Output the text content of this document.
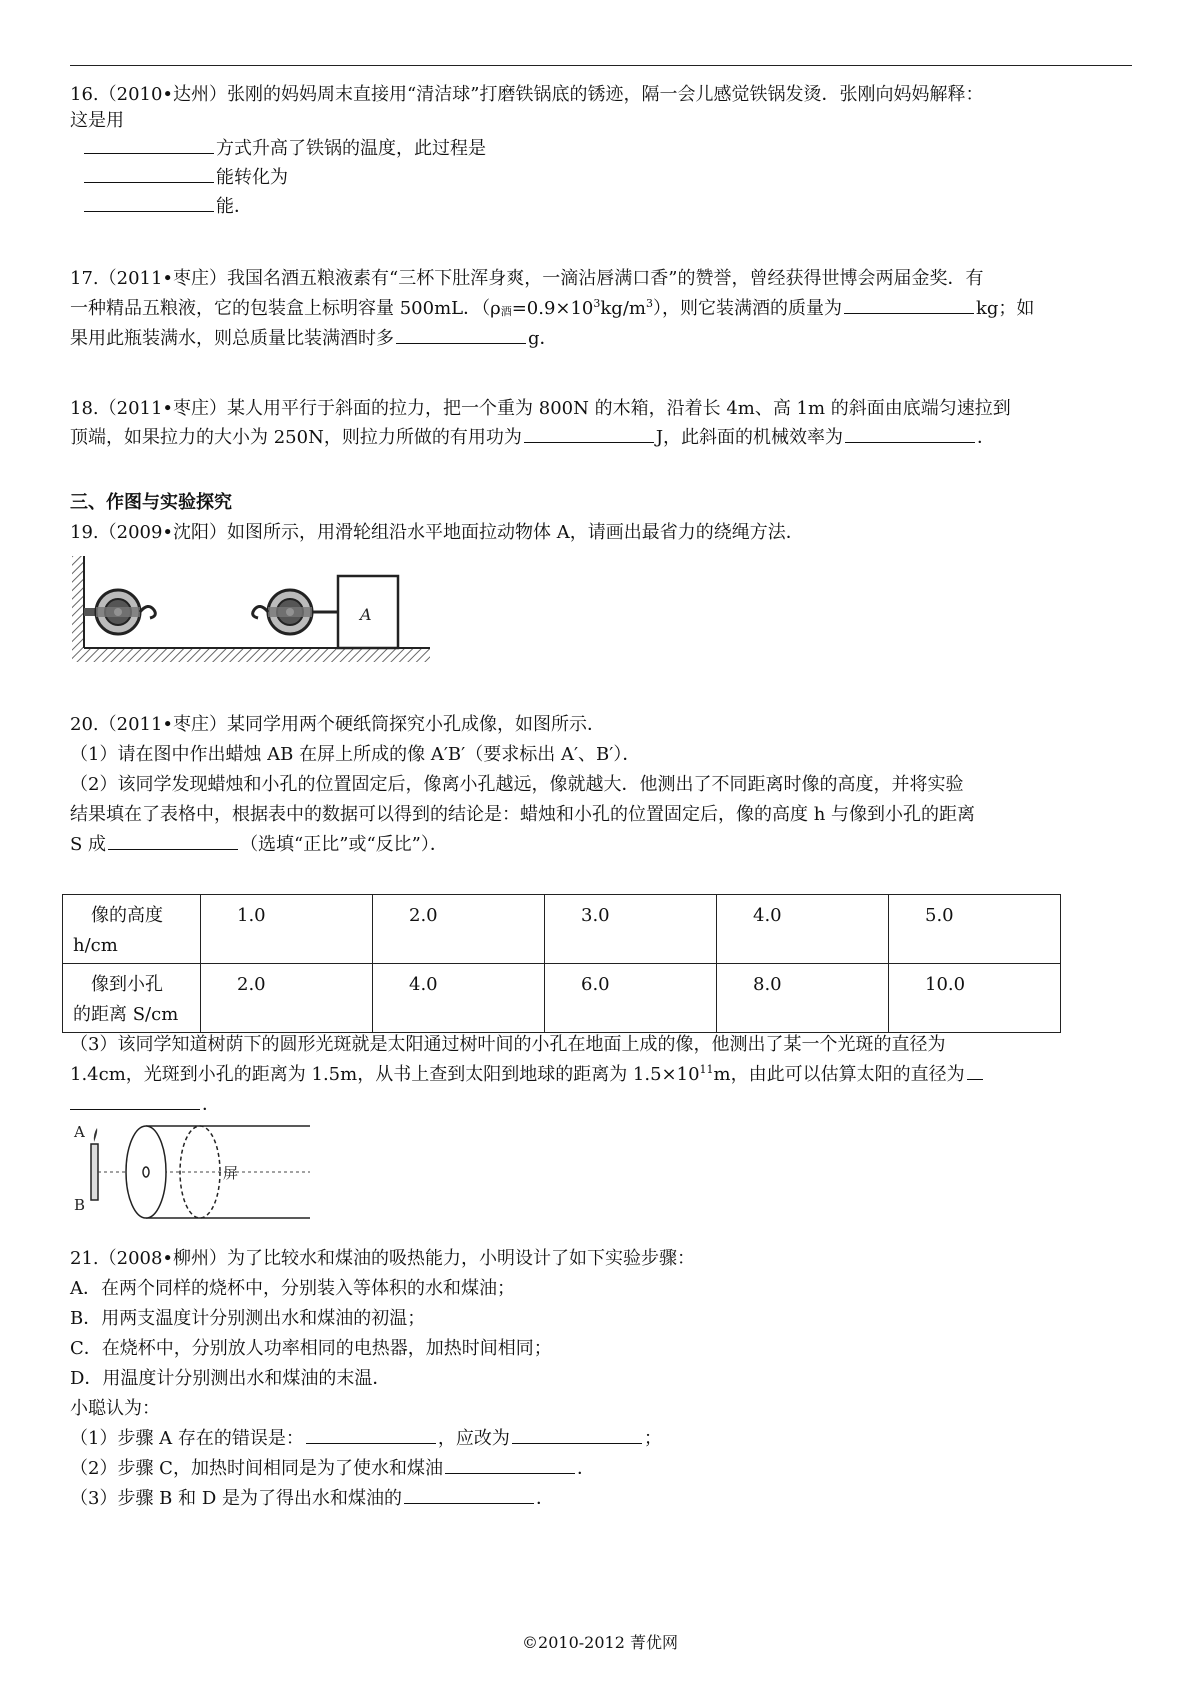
16.（2010•达州）张刚的妈妈周末直接用“清洁球”打磨铁锅底的锈迹，隔一会儿感觉铁锅发烫．张刚向妈妈解释：
这是用
方式升高了铁锅的温度，此过程是
能转化为
能．
17.（2011•枣庄）我国名酒五粮液素有“三杯下肚浑身爽，一滴沾唇满口香”的赞誉，曾经获得世博会两届金奖．有
一种精品五粮液，它的包装盒上标明容量 500mL．$(\rho_酒=0.9\times 10^3kg/m^3)$，则它装满酒的质量为	kg；如
果用此瓶装满水，则总质量比装满酒时多	g．
18.（2011•枣庄）某人用平行于斜面的拉力，把一个重为 800N 的木箱，沿着长 4m、高 1m 的斜面由底端匀速拉到
顶端，如果拉力的大小为 250N，则拉力所做的有用功为	J，此斜面的机械效率为	．
三、作图与实验探究
19.（2009•沈阳）如图所示，用滑轮组沿水平地面拉动物体 A，请画出最省力的绕绳方法．
A
20.（2011•枣庄）某同学用两个硬纸筒探究小孔成像，如图所示．
（1）请在图中作出蜡烛 AB 在屏上所成的像 A′B′（要求标出 A′、B′）．
（2）该同学发现蜡烛和小孔的位置固定后，像离小孔越远，像就越大．他测出了不同距离时像的高度，并将实验
结果填在了表格中，根据表中的数据可以得到的结论是：蜡烛和小孔的位置固定后，像的高度 h 与像到小孔的距离
S 成	（选填“正比”或“反比”）．
像的高度
h/cm	1.0	2.0	3.0	4.0	5.0

像到小孔
的距离 S/cm	2.0	4.0	6.0	8.0	10.0
（3）该同学知道树荫下的圆形光斑就是太阳通过树叶间的小孔在地面上成的像，他测出了某一个光斑的直径为
1.4cm，光斑到小孔的距离为 1.5m，从书上查到太阳到地球的距离为 $1.5\times 10^{11}m$，由此可以估算太阳的直径为
．
A
B
屏
21.（2008•柳州）为了比较水和煤油的吸热能力，小明设计了如下实验步骤：
A．在两个同样的烧杯中，分别装入等体积的水和煤油；
B．用两支温度计分别测出水和煤油的初温；
C．在烧杯中，分别放人功率相同的电热器，加热时间相同；
D．用温度计分别测出水和煤油的末温．
小聪认为：
（1）步骤 A 存在的错误是：	，应改为	；
（2）步骤 C，加热时间相同是为了使水和煤油	．
（3）步骤 B 和 D 是为了得出水和煤油的	．
©2010-2012 菁优网
